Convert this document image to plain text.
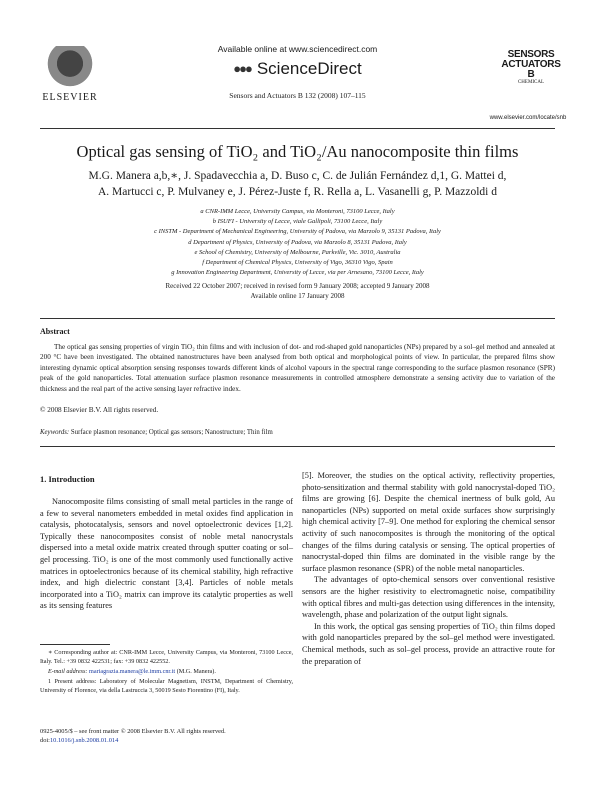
ELSEVIER
Available online at www.sciencedirect.com
●●● ScienceDirect
Sensors and Actuators B 132 (2008) 107–115
SENSORS
ACTUATORS
B
CHEMICAL
www.elsevier.com/locate/snb
Optical gas sensing of TiO₂ and TiO₂/Au nanocomposite thin films
M.G. Manera a,b,∗, J. Spadavecchia a, D. Buso c, C. de Julián Fernández d,1, G. Mattei d,
A. Martucci c, P. Mulvaney e, J. Pérez-Juste f, R. Rella a, L. Vasanelli g, P. Mazzoldi d
a CNR-IMM Lecce, University Campus, via Monteroni, 73100 Lecce, Italy
b ISUFI - University of Lecce, viale Gallipoli, 73100 Lecce, Italy
c INSTM - Department of Mechanical Engineering, University of Padova, via Marzolo 9, 35131 Padova, Italy
d Department of Physics, University of Padova, via Marzolo 8, 35131 Padova, Italy
e School of Chemistry, University of Melbourne, Parkville, Vic. 3010, Australia
f Department of Chemical Physics, University of Vigo, 36310 Vigo, Spain
g Innovation Engineering Department, University of Lecce, via per Arnesano, 73100 Lecce, Italy
Received 22 October 2007; received in revised form 9 January 2008; accepted 9 January 2008
Available online 17 January 2008
Abstract
The optical gas sensing properties of virgin TiO₂ thin films and with inclusion of dot- and rod-shaped gold nanoparticles (NPs) prepared by a sol–gel method and annealed at 200 °C have been investigated. The obtained nanostructures have been analysed from both optical and morphological points of view. In particular, the prepared films show interesting dynamic optical absorption sensing responses towards different kinds of alcohol vapours in the spectral range corresponding to the surface plasmon resonance (SPR) peak of the gold nanoparticles. Total attenuation surface plasmon resonance measurements in controlled atmosphere demonstrate a sensing activity due to variation of the thickness and the real part of the active sensing layer refractive index.
© 2008 Elsevier B.V. All rights reserved.
Keywords: Surface plasmon resonance; Optical gas sensors; Nanostructure; Thin film
1. Introduction

Nanocomposite films consisting of small metal particles in the range of a few to several nanometers embedded in metal oxides find application in catalysis, photocatalysis, sensors and novel optoelectronic devices [1,2]. Typically these nanocomposites consist of noble metal nanocrystals dispersed into a metal oxide matrix created through sputter coating or sol–gel processing. TiO₂ is one of the most commonly used functionally active matrices in optoelectronics because of its chemical stability, high refractive index, and high dielectric constant [3,4]. Particles of noble metals incorporated into a TiO₂ matrix can improve its catalytic properties as well as its sensing features

[5]. Moreover, the studies on the optical activity, reflectivity properties, photo-sensitization and thermal stability with gold nanocrystal-doped TiO₂ films are growing [6]. Despite the chemical inertness of bulk gold, Au nanoparticles (NPs) supported on metal oxide surfaces show surprisingly high chemical activity [7–9]. One method for exploring the chemical sensor activity of such nanocomposites is through the monitoring of the optical changes of the films during catalysis or sensing. The optical properties of nanocrystal-doped thin films are dominated in the visible range by the surface plasmon resonance (SPR) of the noble metal nanoparticles.

The advantages of opto-chemical sensors over conventional resistive sensors are the higher resistivity to electromagnetic noise, compatibility with optical fibres and multi-gas detection using differences in the intensity, wavelength, phase and polarization of the output light signals.

In this work, the optical gas sensing properties of TiO₂ thin films doped with gold nanoparticles prepared by the sol–gel method were investigated. Chemical methods, such as sol–gel process, provide an attractive route for the preparation of

∗ Corresponding author at: CNR-IMM Lecce, University Campus, via Monteroni, 73100 Lecce, Italy. Tel.: +39 0832 422531; fax: +39 0832 422552.

E-mail address: mariagrazia.manera@le.imm.cnr.it (M.G. Manera).

1 Present address: Laboratory of Molecular Magnetism, INSTM, Department of Chemistry, University of Florence, via della Lastruccia 3, 50019 Sesto Fiorentino (FI), Italy.

0925-4005/$ – see front matter © 2008 Elsevier B.V. All rights reserved.
doi:10.1016/j.snb.2008.01.014
